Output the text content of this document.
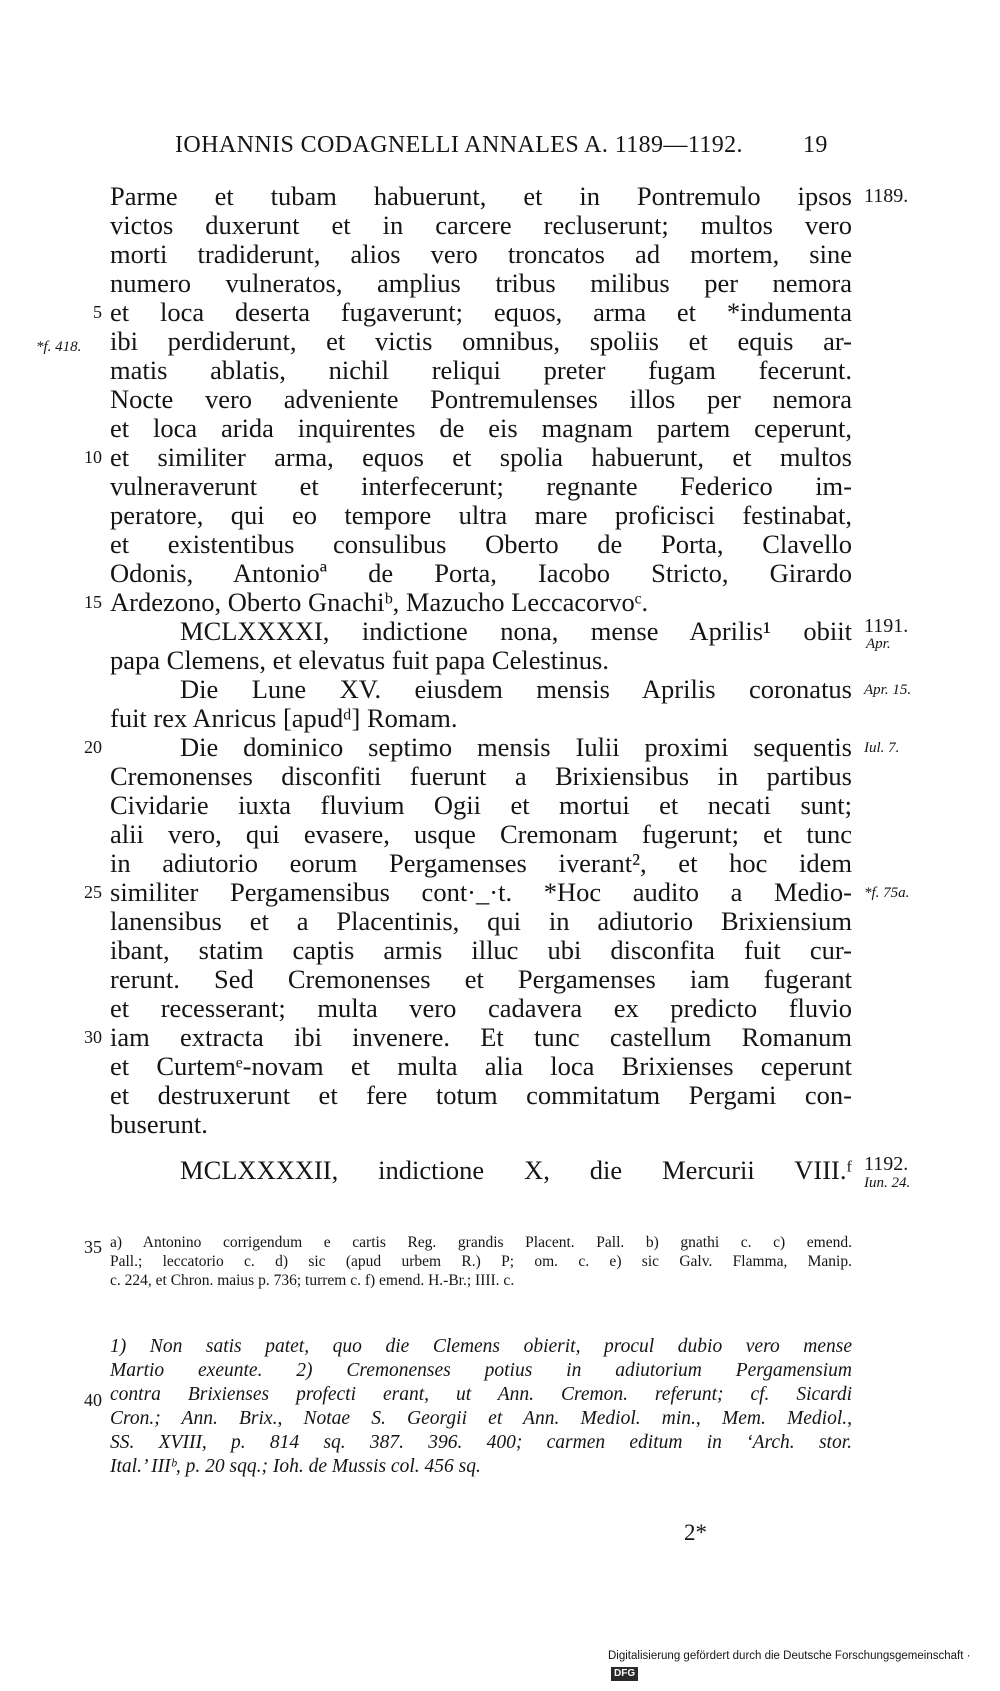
IOHANNIS CODAGNELLI ANNALES A. 1189—1192.	19
Parme et tubam habuerunt, et in Pontremulo ipsos
victos duxerunt et in carcere recluserunt; multos vero
morti tradiderunt, alios vero troncatos ad mortem, sine
numero vulneratos, amplius tribus milibus per nemora
et loca deserta fugaverunt; equos, arma et *indumenta
ibi perdiderunt, et victis omnibus, spoliis et equis ar-
matis ablatis, nichil reliqui preter fugam fecerunt.
Nocte vero adveniente Pontremulenses illos per nemora
et loca arida inquirentes de eis magnam partem ceperunt,
et similiter arma, equos et spolia habuerunt, et multos
vulneraverunt et interfecerunt; regnante Federico im-
peratore, qui eo tempore ultra mare proficisci festinabat,
et existentibus consulibus Oberto de Porta, Clavello
Odonis, Antonioª de Porta, Iacobo Stricto, Girardo
Ardezono, Oberto Gnachiᵇ, Mazucho Leccacorvoᶜ.
MCLXXXXI, indictione nona, mense Aprilis¹ obiit
papa Clemens, et elevatus fuit papa Celestinus.
Die Lune XV. eiusdem mensis Aprilis coronatus
fuit rex Anricus [apudᵈ] Romam.
Die dominico septimo mensis Iulii proximi sequentis
Cremonenses disconfiti fuerunt a Brixiensibus in partibus
Cividarie iuxta fluvium Ogii et mortui et necati sunt;
alii vero, qui evasere, usque Cremonam fugerunt; et tunc
in adiutorio eorum Pergamenses iverant², et hoc idem
similiter Pergamensibus cont·_·t. *Hoc audito a Medio-
lanensibus et a Placentinis, qui in adiutorio Brixiensium
ibant, statim captis armis illuc ubi disconfita fuit cur-
rerunt. Sed Cremonenses et Pergamenses iam fugerant
et recesserant; multa vero cadavera ex predicto fluvio
iam extracta ibi invenere. Et tunc castellum Romanum
et Curtemᵉ-novam et multa alia loca Brixienses ceperunt
et destruxerunt et fere totum commitatum Pergami con-
buserunt.
MCLXXXXII, indictione X, die Mercurii VIII.ᶠ
5
10
15
20
25
30
35
40
1189.
*f. 418.
1191.
Apr.
Apr. 15.
Iul. 7.
*f. 75a.
1192.
Iun. 24.
a) Antonino corrigendum e cartis Reg. grandis Placent. Pall. b) gnathi c. c) emend.
Pall.; leccatorio c. d) sic (apud urbem R.) P; om. c. e) sic Galv. Flamma, Manip.
c. 224, et Chron. maius p. 736; turrem c. f) emend. H.-Br.; IIII. c.
1) Non satis patet, quo die Clemens obierit, procul dubio vero mense
Martio exeunte. 2) Cremonenses potius in adiutorium Pergamensium
contra Brixienses profecti erant, ut Ann. Cremon. referunt; cf. Sicardi
Cron.; Ann. Brix., Notae S. Georgii et Ann. Mediol. min., Mem. Mediol.,
SS. XVIII, p. 814 sq. 387. 396. 400; carmen editum in ‘Arch. stor.
Ital.’ IIIᵇ, p. 20 sqq.; Ioh. de Mussis col. 456 sq.
2*
Digitalisierung gefördert durch die Deutsche Forschungsgemeinschaft ·DFG
